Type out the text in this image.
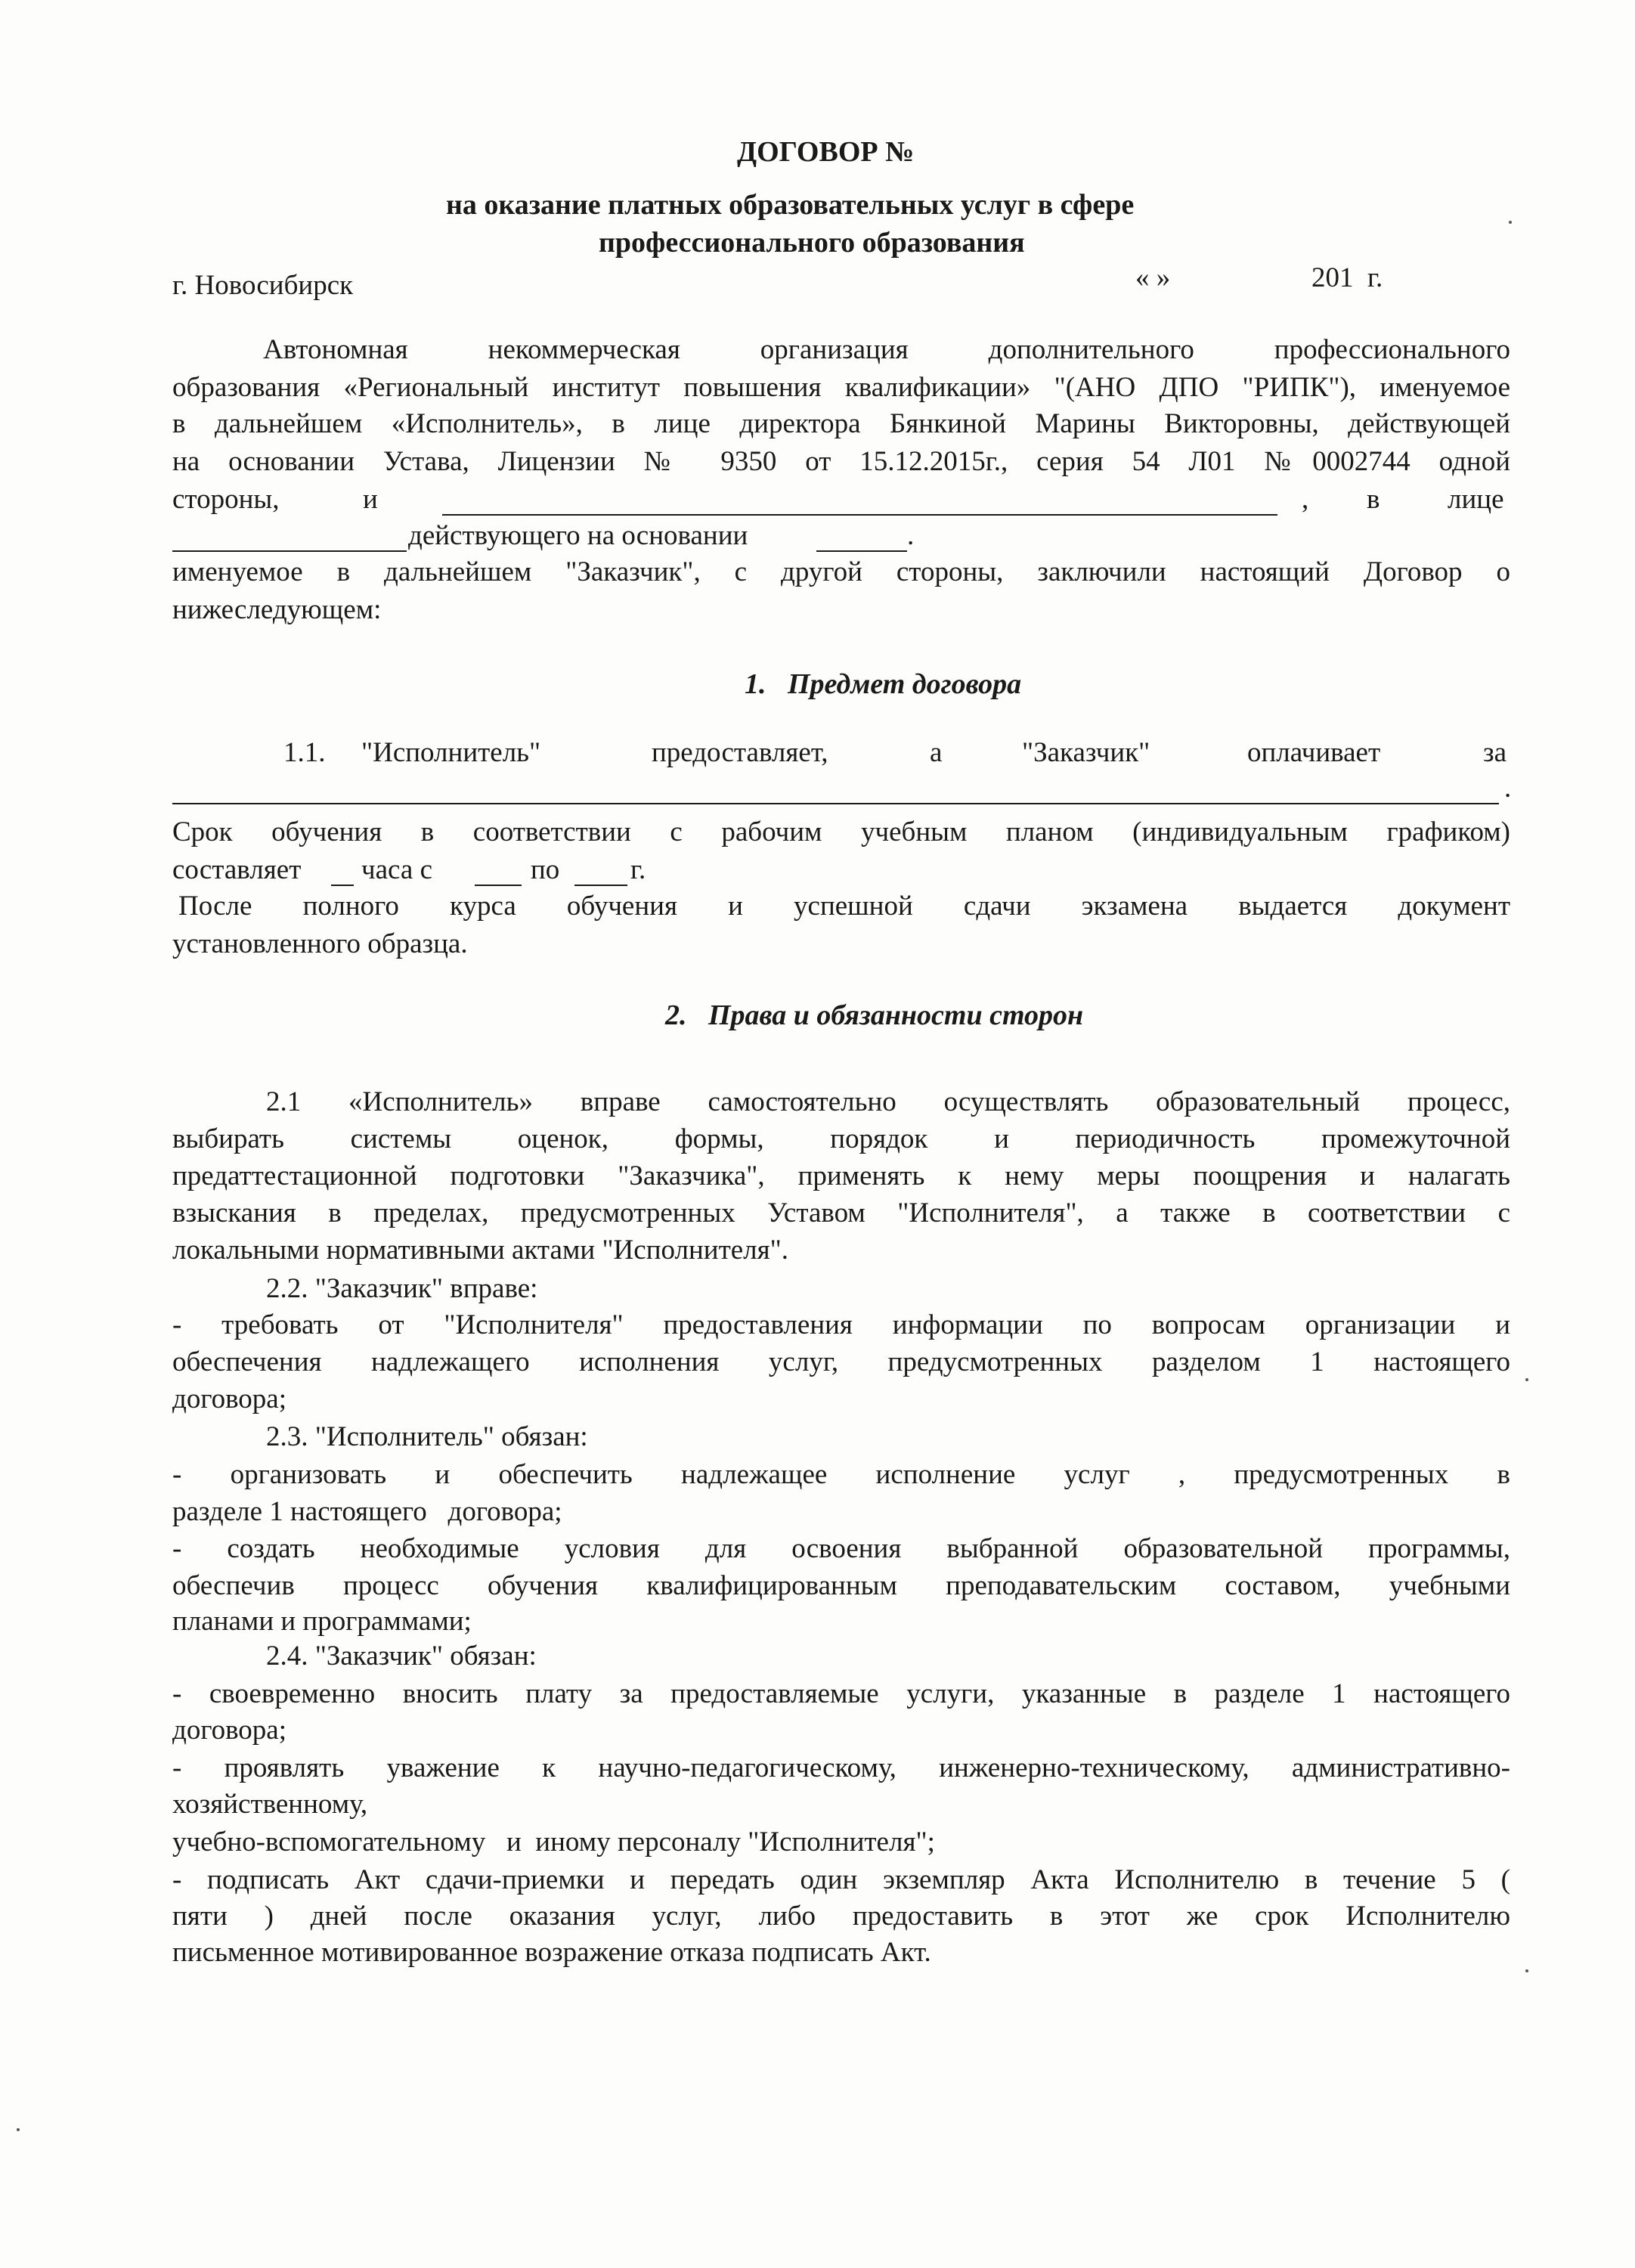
ДОГОВОР №
на оказание платных образовательных услуг в сфере
профессионального образования
г. Новосибирск	« »	201  г.
Автономная некоммерческая организация дополнительного профессионального
образования «Региональный институт повышения квалификации» "(АНО ДПО "РИПК"), именуемое
в дальнейшем «Исполнитель», в лице директора Бянкиной Марины Викторовны, действующей
на основании Устава, Лицензии № 9350 от 15.12.2015г., серия 54 Л01 №0002744 одной
стороны,	и	, в лице
действующего на основании	.
именуемое в дальнейшем "Заказчик", с другой стороны, заключили настоящий Договор о
нижеследующем:
1.   Предмет договора
1.1. "Исполнитель"	предоставляет,	а	"Заказчик"	оплачивает	за
.
Срок обучения в соответствии с рабочим учебным планом (индивидуальным графиком)
составляет часа с	по	г.
После полного курса обучения и успешной сдачи экзамена выдается документ
установленного образца.
2.   Права и обязанности сторон
2.1 «Исполнитель» вправе самостоятельно осуществлять образовательный процесс,
выбирать системы оценок, формы, порядок и периодичность промежуточной
предаттестационной подготовки "Заказчика", применять к нему меры поощрения и налагать
взыскания в пределах, предусмотренных Уставом "Исполнителя", а также в соответствии с
локальными нормативными актами "Исполнителя".
2.2. "Заказчик" вправе:
- требовать от "Исполнителя" предоставления информации по вопросам организации и
обеспечения надлежащего исполнения услуг, предусмотренных разделом 1 настоящего
договора;
2.3. "Исполнитель" обязан:
- организовать и обеспечить надлежащее исполнение услуг , предусмотренных в
разделе 1 настоящего   договора;
- создать необходимые условия для освоения выбранной образовательной программы,
обеспечив процесс обучения квалифицированным преподавательским составом, учебными
планами и программами;
2.4. "Заказчик" обязан:
- своевременно вносить плату за предоставляемые услуги, указанные в разделе 1 настоящего
договора;
- проявлять уважение к научно-педагогическому, инженерно-техническому, административно-
хозяйственному,
учебно-вспомогательному   и  иному персоналу "Исполнителя";
- подписать Акт сдачи-приемки и передать один экземпляр Акта Исполнителю в течение 5 (
пяти ) дней после оказания услуг, либо предоставить в этот же срок Исполнителю
письменное мотивированное возражение отказа подписать Акт.
